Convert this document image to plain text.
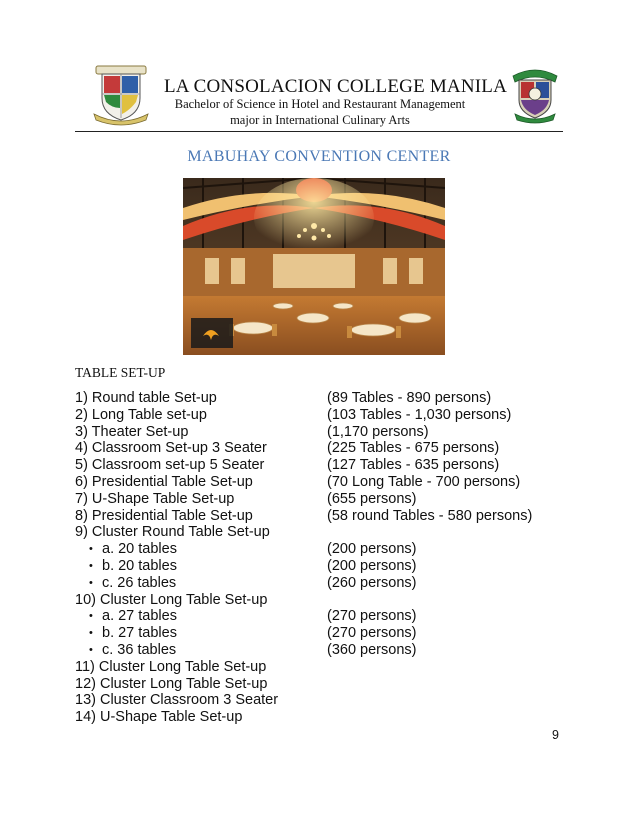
LA CONSOLACION COLLEGE MANILA
Bachelor of Science in Hotel and Restaurant Management
major in International Culinary Arts
MABUHAY CONVENTION CENTER
TABLE SET-UP
1) Round table Set-up	(89 Tables - 890 persons)
2) Long Table set-up	(103 Tables - 1,030 persons)
3) Theater Set-up	(1,170 persons)
4) Classroom Set-up 3 Seater	(225 Tables - 675 persons)
5) Classroom set-up 5 Seater	(127 Tables - 635 persons)
6) Presidential Table Set-up	(70 Long Table - 700 persons)
7) U-Shape Table Set-up	(655 persons)
8) Presidential Table Set-up	(58 round Tables - 580 persons)
9) Cluster Round Table Set-up
• a. 20 tables	(200 persons)
• b. 20 tables	(200 persons)
• c. 26 tables	(260 persons)
10) Cluster Long Table Set-up
• a. 27 tables	(270 persons)
• b. 27 tables	(270 persons)
• c. 36 tables	(360 persons)
11) Cluster Long Table Set-up
12) Cluster Long Table Set-up
13) Cluster Classroom 3 Seater
14) U-Shape Table Set-up
9
